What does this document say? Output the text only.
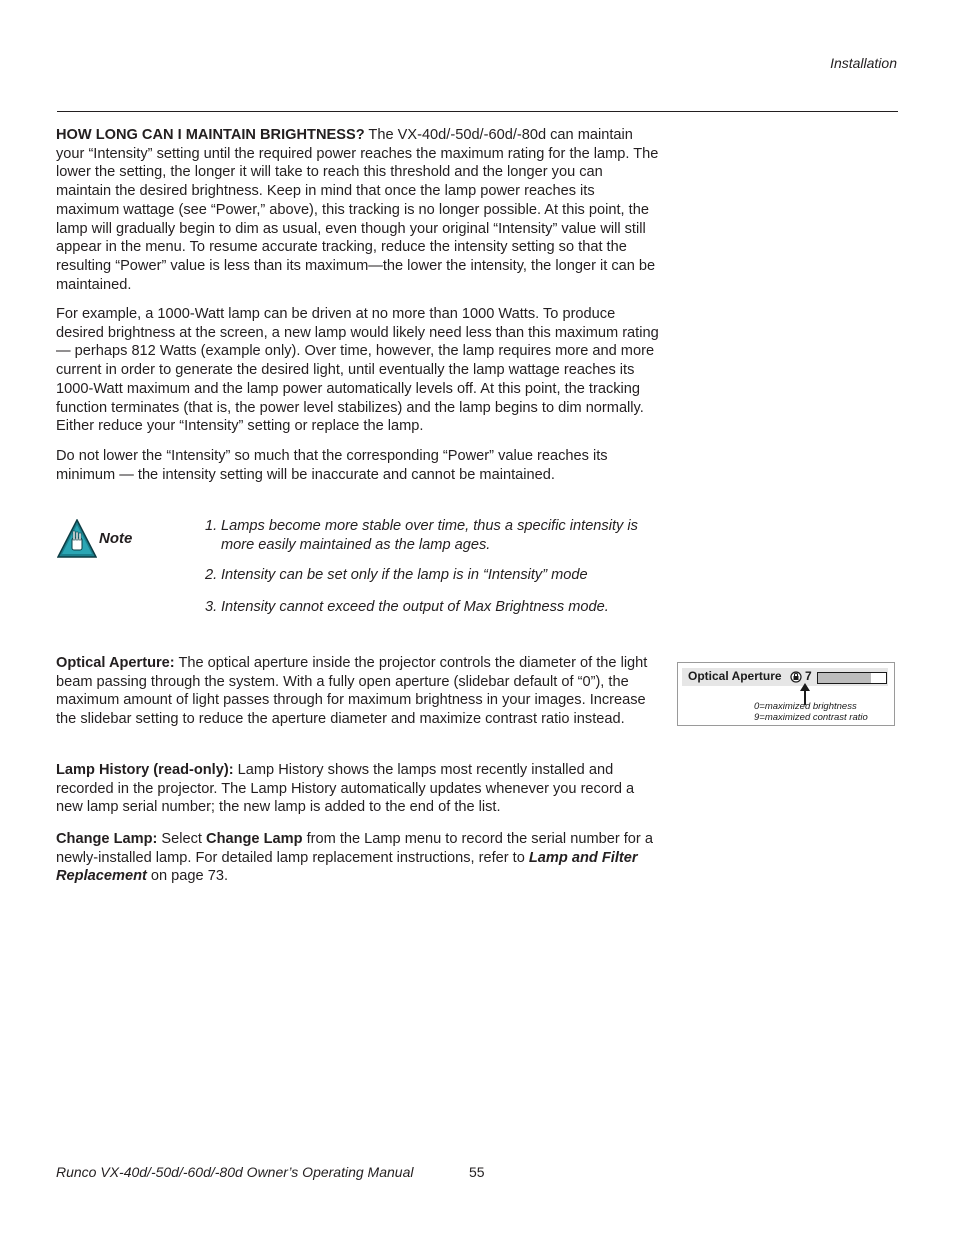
Installation

HOW LONG CAN I MAINTAIN BRIGHTNESS? The VX-40d/-50d/-60d/-80d can maintain your “Intensity” setting until the required power reaches the maximum rating for the lamp. The lower the setting, the longer it will take to reach this threshold and the longer you can maintain the desired brightness. Keep in mind that once the lamp power reaches its maximum wattage (see “Power,” above), this tracking is no longer possible. At this point, the lamp will gradually begin to dim as usual, even though your original “Intensity” value will still appear in the menu. To resume accurate tracking, reduce the intensity setting so that the resulting “Power” value is less than its maximum—the lower the intensity, the longer it can be maintained.

For example, a 1000-Watt lamp can be driven at no more than 1000 Watts. To produce desired brightness at the screen, a new lamp would likely need less than this maximum rating — perhaps 812 Watts (example only). Over time, however, the lamp requires more and more current in order to generate the desired light, until eventually the lamp wattage reaches its 1000-Watt maximum and the lamp power automatically levels off. At this point, the tracking function terminates (that is, the power level stabilizes) and the lamp begins to dim normally. Either reduce your “Intensity” setting or replace the lamp.

Do not lower the “Intensity” so much that the corresponding “Power” value reaches its minimum — the intensity setting will be inaccurate and cannot be maintained.

Note
1. Lamps become more stable over time, thus a specific intensity is
more easily maintained as the lamp ages.
2. Intensity can be set only if the lamp is in “Intensity” mode
3. Intensity cannot exceed the output of Max Brightness mode.

Optical Aperture: The optical aperture inside the projector controls the diameter of the light beam passing through the system. With a fully open aperture (slidebar default of “0”), the maximum amount of light passes through for maximum brightness in your images. Increase the slidebar setting to reduce the aperture diameter and maximize contrast ratio instead.

Optical Aperture 7
0=maximized brightness
9=maximized contrast ratio

Lamp History (read-only): Lamp History shows the lamps most recently installed and recorded in the projector. The Lamp History automatically updates whenever you record a new lamp serial number; the new lamp is added to the end of the list.

Change Lamp: Select Change Lamp from the Lamp menu to record the serial number for a newly-installed lamp. For detailed lamp replacement instructions, refer to Lamp and Filter Replacement on page 73.

Runco VX-40d/-50d/-60d/-80d Owner’s Operating Manual	55
